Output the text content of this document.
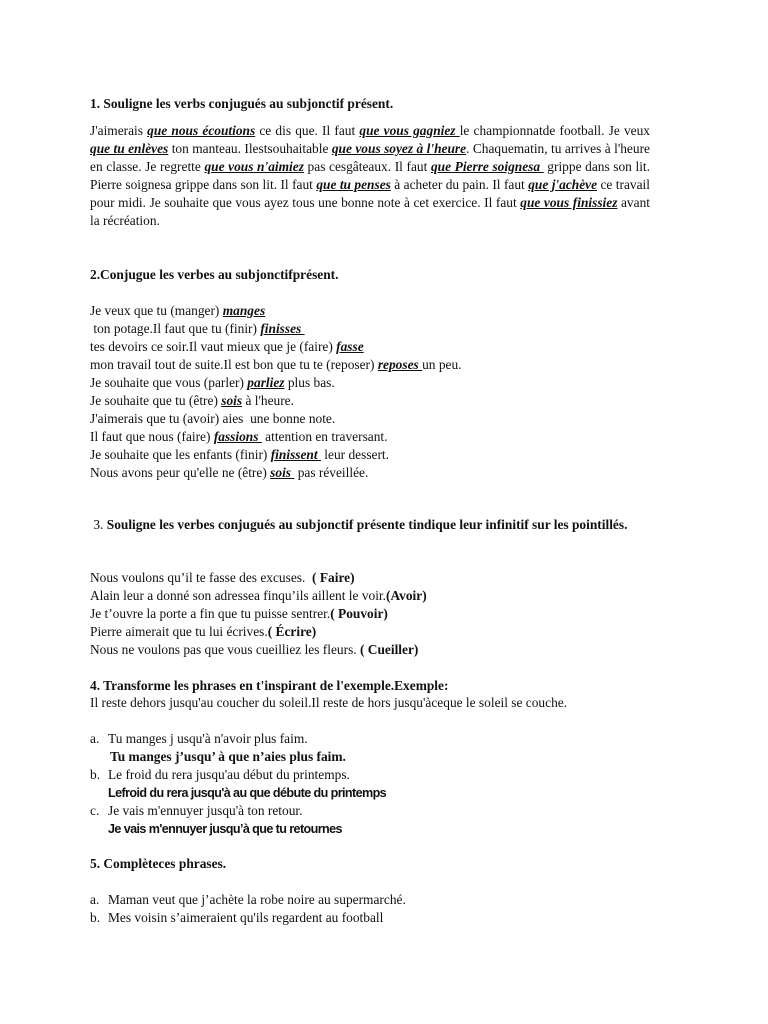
1. Souligne les verbs conjugués au subjonctif présent.
J'aimerais que nous écoutions ce dis que. Il faut que vous gagniez le championnatde football. Je veux que tu enlèves ton manteau. Ilestsouhaitable que vous soyez à l'heure. Chaquematin, tu arrives à l'heure en classe. Je regrette que vous n'aimiez pas cesgâteaux. Il faut que Pierre soignesa  grippe dans son lit. Pierre soignesa grippe dans son lit. Il faut que tu penses à acheter du pain. Il faut que j'achève ce travail pour midi. Je souhaite que vous ayez tous une bonne note à cet exercice. Il faut que vous finissiez avant la récréation.
2.Conjugue les verbes au subjonctifprésent.
Je veux que tu (manger) manges
ton potage.Il faut que tu (finir) finisses
tes devoirs ce soir.Il vaut mieux que je (faire) fasse
mon travail tout de suite.Il est bon que tu te (reposer) reposes un peu.
Je souhaite que vous (parler) parliez plus bas.
Je souhaite que tu (être) sois à l'heure.
J'aimerais que tu (avoir) aies  une bonne note.
Il faut que nous (faire) fassions  attention en traversant.
Je souhaite que les enfants (finir) finissent  leur dessert.
Nous avons peur qu'elle ne (être) sois  pas réveillée.
3. Souligne les verbes conjugués au subjonctif présente tindique leur infinitif sur les pointillés.
Nous voulons qu’il te fasse des excuses.  ( Faire)
Alain leur a donné son adressea finqu’ils aillent le voir.(Avoir)
Je t’ouvre la porte a fin que tu puisse sentrer.( Pouvoir)
Pierre aimerait que tu lui écrives.( Écrire)
Nous ne voulons pas que vous cueilliez les fleurs. ( Cueiller)
4. Transforme les phrases en t'inspirant de l'exemple.Exemple:
Il reste dehors jusqu'au coucher du soleil.Il reste de hors jusqu'àceque le soleil se couche.
a. Tu manges j usqu'à n'avoir plus faim.
Tu manges j’usqu’ à que n’aies plus faim.
b. Le froid du rera jusqu'au début du printemps.
Lefroid du rera jusqu'à au que débute du printemps
c. Je vais m'ennuyer jusqu'à ton retour.
Je vais m'ennuyer jusqu’à que tu retournes
5. Complèteces phrases.
a. Maman veut que j’achète la robe noire au supermarché.
b. Mes voisin s’aimeraient qu'ils regardent au football
